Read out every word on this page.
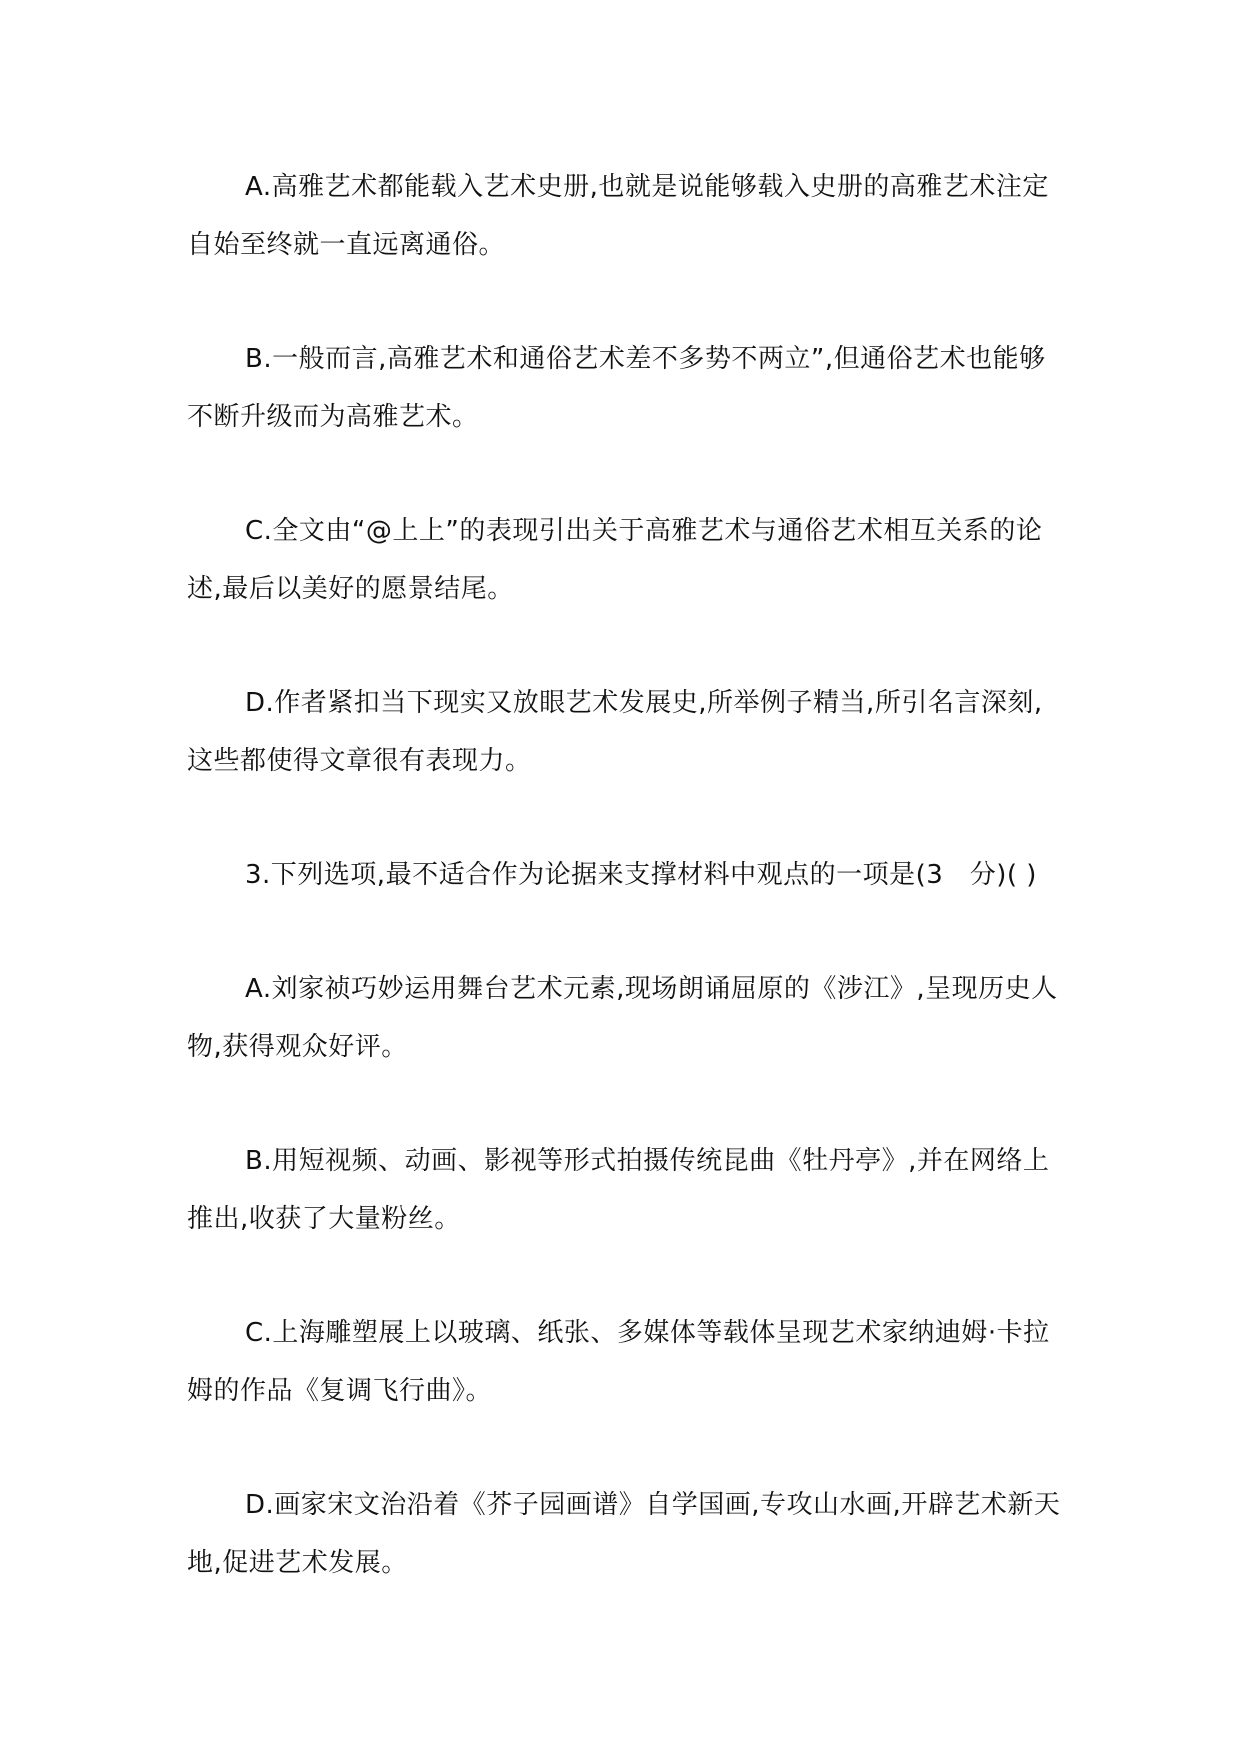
A.高雅艺术都能载入艺术史册,也就是说能够载入史册的高雅艺术注定自始至终就一直远离通俗。

B.一般而言,高雅艺术和通俗艺术差不多势不两立”,但通俗艺术也能够不断升级而为高雅艺术。

C.全文由“@上上”的表现引出关于高雅艺术与通俗艺术相互关系的论述,最后以美好的愿景结尾。

D.作者紧扣当下现实又放眼艺术发展史,所举例子精当,所引名言深刻,这些都使得文章很有表现力。

3.下列选项,最不适合作为论据来支撑材料中观点的一项是(3　分)( )

A.刘家祯巧妙运用舞台艺术元素,现场朗诵屈原的《涉江》,呈现历史人物,获得观众好评。

B.用短视频、动画、影视等形式拍摄传统昆曲《牡丹亭》,并在网络上推出,收获了大量粉丝。

C.上海雕塑展上以玻璃、纸张、多媒体等载体呈现艺术家纳迪姆·卡拉姆的作品《复调飞行曲》。

D.画家宋文治沿着《芥子园画谱》自学国画,专攻山水画,开辟艺术新天地,促进艺术发展。
